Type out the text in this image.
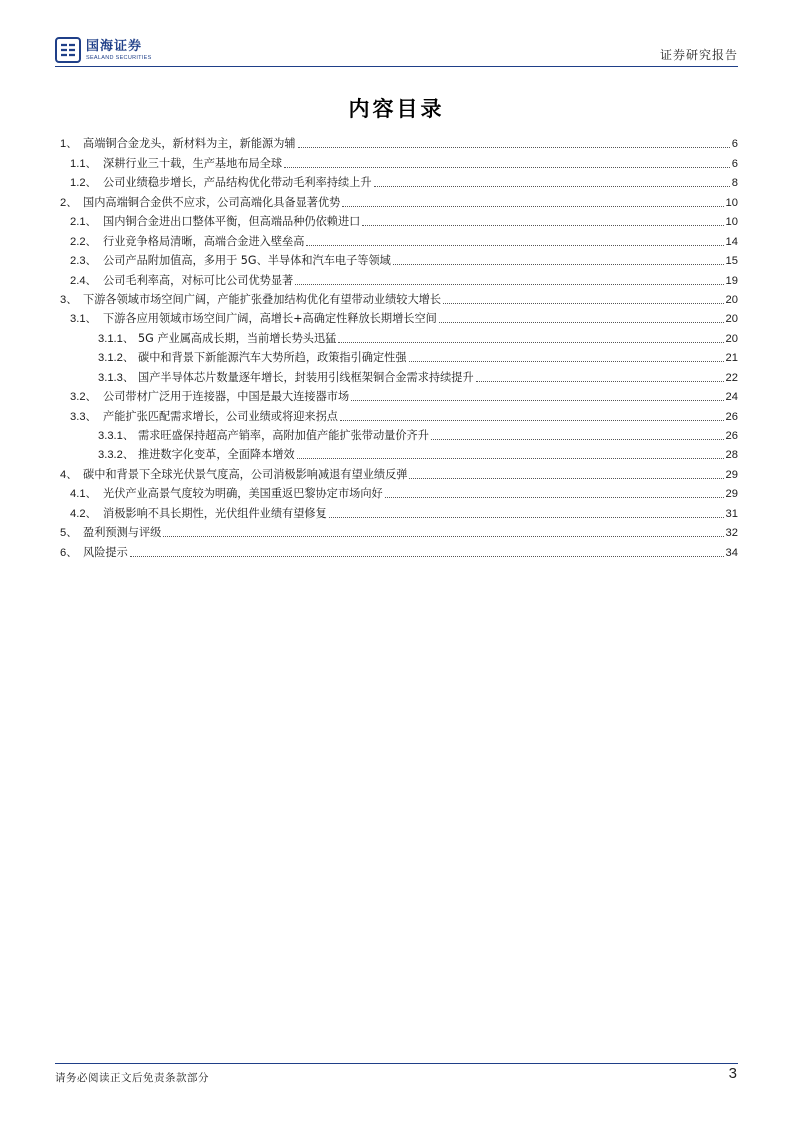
国海证券
SEALAND SECURITIES	证券研究报告
内容目录
1、 高端铜合金龙头，新材料为主，新能源为辅	6
1.1、 深耕行业三十载，生产基地布局全球	6
1.2、 公司业绩稳步增长，产品结构优化带动毛利率持续上升	8
2、 国内高端铜合金供不应求，公司高端化具备显著优势	10
2.1、 国内铜合金进出口整体平衡，但高端品种仍依赖进口	10
2.2、 行业竞争格局清晰，高端合金进入壁垒高	14
2.3、 公司产品附加值高，多用于 5G、半导体和汽车电子等领域	15
2.4、 公司毛利率高，对标可比公司优势显著	19
3、 下游各领域市场空间广阔，产能扩张叠加结构优化有望带动业绩较大增长	20
3.1、 下游各应用领域市场空间广阔，高增长+高确定性释放长期增长空间	20
3.1.1、 5G 产业属高成长期，当前增长势头迅猛	20
3.1.2、 碳中和背景下新能源汽车大势所趋，政策指引确定性强	21
3.1.3、 国产半导体芯片数量逐年增长，封装用引线框架铜合金需求持续提升	22
3.2、 公司带材广泛用于连接器，中国是最大连接器市场	24
3.3、 产能扩张匹配需求增长，公司业绩或将迎来拐点	26
3.3.1、 需求旺盛保持超高产销率，高附加值产能扩张带动量价齐升	26
3.3.2、 推进数字化变革，全面降本增效	28
4、 碳中和背景下全球光伏景气度高，公司消极影响减退有望业绩反弹	29
4.1、 光伏产业高景气度较为明确，美国重返巴黎协定市场向好	29
4.2、 消极影响不具长期性，光伏组件业绩有望修复	31
5、 盈利预测与评级	32
6、 风险提示	34
请务必阅读正文后免责条款部分	3
